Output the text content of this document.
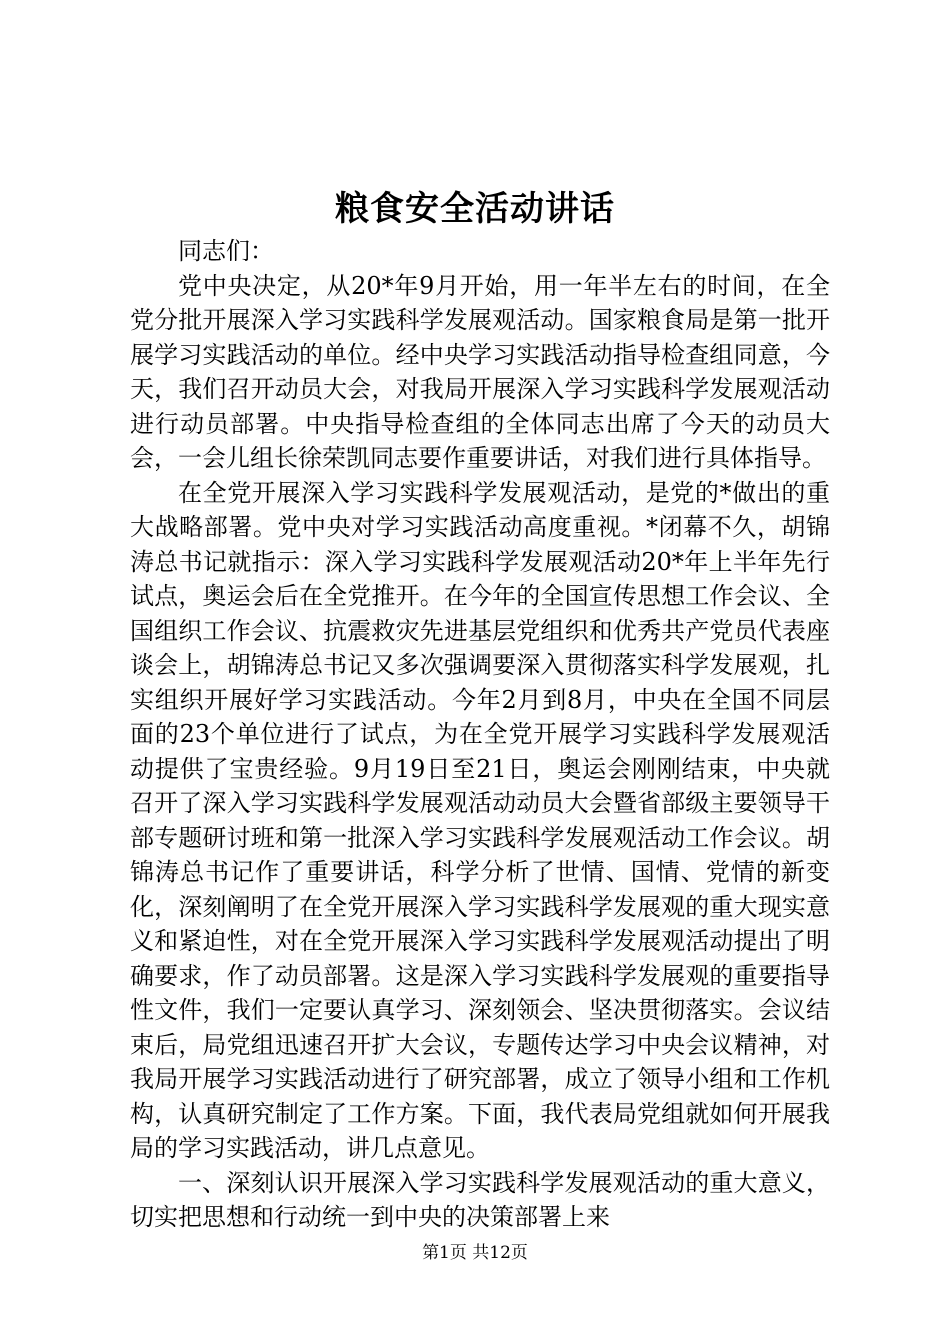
粮食安全活动讲话

同志们：

党中央决定，从20*年9月开始，用一年半左右的时间，在全党分批开展深入学习实践科学发展观活动。国家粮食局是第一批开展学习实践活动的单位。经中央学习实践活动指导检查组同意，今天，我们召开动员大会，对我局开展深入学习实践科学发展观活动进行动员部署。中央指导检查组的全体同志出席了今天的动员大会，一会儿组长徐荣凯同志要作重要讲话，对我们进行具体指导。

在全党开展深入学习实践科学发展观活动，是党的*做出的重大战略部署。党中央对学习实践活动高度重视。*闭幕不久，胡锦涛总书记就指示：深入学习实践科学发展观活动20*年上半年先行试点，奥运会后在全党推开。在今年的全国宣传思想工作会议、全国组织工作会议、抗震救灾先进基层党组织和优秀共产党员代表座谈会上，胡锦涛总书记又多次强调要深入贯彻落实科学发展观，扎实组织开展好学习实践活动。今年2月到8月，中央在全国不同层面的23个单位进行了试点，为在全党开展学习实践科学发展观活动提供了宝贵经验。9月19日至21日，奥运会刚刚结束，中央就召开了深入学习实践科学发展观活动动员大会暨省部级主要领导干部专题研讨班和第一批深入学习实践科学发展观活动工作会议。胡锦涛总书记作了重要讲话，科学分析了世情、国情、党情的新变化，深刻阐明了在全党开展深入学习实践科学发展观的重大现实意义和紧迫性，对在全党开展深入学习实践科学发展观活动提出了明确要求，作了动员部署。这是深入学习实践科学发展观的重要指导性文件，我们一定要认真学习、深刻领会、坚决贯彻落实。会议结束后，局党组迅速召开扩大会议，专题传达学习中央会议精神，对我局开展学习实践活动进行了研究部署，成立了领导小组和工作机构，认真研究制定了工作方案。下面，我代表局党组就如何开展我局的学习实践活动，讲几点意见。

一、深刻认识开展深入学习实践科学发展观活动的重大意义，切实把思想和行动统一到中央的决策部署上来

第1页 共12页
